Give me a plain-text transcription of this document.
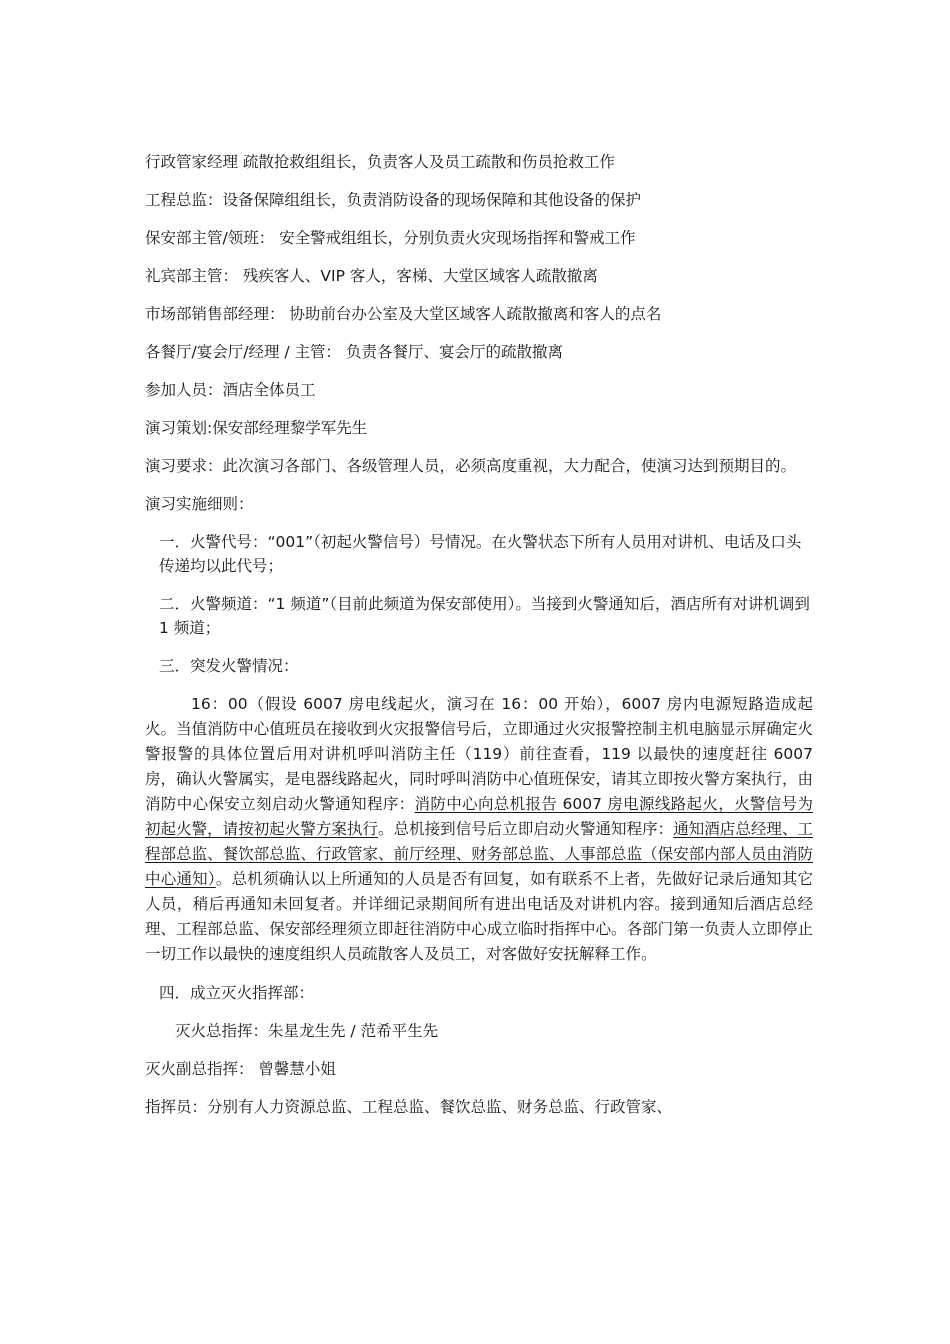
行政管家经理 疏散抢救组组长，负责客人及员工疏散和伤员抢救工作

工程总监：设备保障组组长，负责消防设备的现场保障和其他设备的保护

保安部主管/领班： 安全警戒组组长，分别负责火灾现场指挥和警戒工作

礼宾部主管： 残疾客人、VIP 客人，客梯、大堂区域客人疏散撤离

市场部销售部经理： 协助前台办公室及大堂区域客人疏散撤离和客人的点名

各餐厅/宴会厅/经理 / 主管： 负责各餐厅、宴会厅的疏散撤离

参加人员：酒店全体员工

演习策划:保安部经理黎学军先生

演习要求：此次演习各部门、各级管理人员，必须高度重视，大力配合，使演习达到预期目的。

演习实施细则：

一．火警代号：“001”（初起火警信号）号情况。在火警状态下所有人员用对讲机、电话及口头传递均以此代号；

二．火警频道：“1 频道”（目前此频道为保安部使用）。当接到火警通知后，酒店所有对讲机调到 1 频道；

三．突发火警情况：

16：00（假设 6007 房电线起火，演习在 16：00 开始），6007 房内电源短路造成起火。当值消防中心值班员在接收到火灾报警信号后，立即通过火灾报警控制主机电脑显示屏确定火警报警的具体位置后用对讲机呼叫消防主任（119）前往查看，119 以最快的速度赶往 6007 房，确认火警属实，是电器线路起火，同时呼叫消防中心值班保安，请其立即按火警方案执行，由消防中心保安立刻启动火警通知程序：消防中心向总机报告 6007 房电源线路起火，火警信号为初起火警，请按初起火警方案执行。总机接到信号后立即启动火警通知程序：通知酒店总经理、工程部总监、餐饮部总监、行政管家、前厅经理、财务部总监、人事部总监（保安部内部人员由消防中心通知）。总机须确认以上所通知的人员是否有回复，如有联系不上者，先做好记录后通知其它人员，稍后再通知未回复者。并详细记录期间所有进出电话及对讲机内容。接到通知后酒店总经理、工程部总监、保安部经理须立即赶往消防中心成立临时指挥中心。各部门第一负责人立即停止一切工作以最快的速度组织人员疏散客人及员工，对客做好安抚解释工作。

四．成立灭火指挥部：

灭火总指挥：朱星龙生先 / 范希平生先

灭火副总指挥： 曾馨慧小姐

指挥员：分别有人力资源总监、工程总监、餐饮总监、财务总监、行政管家、
